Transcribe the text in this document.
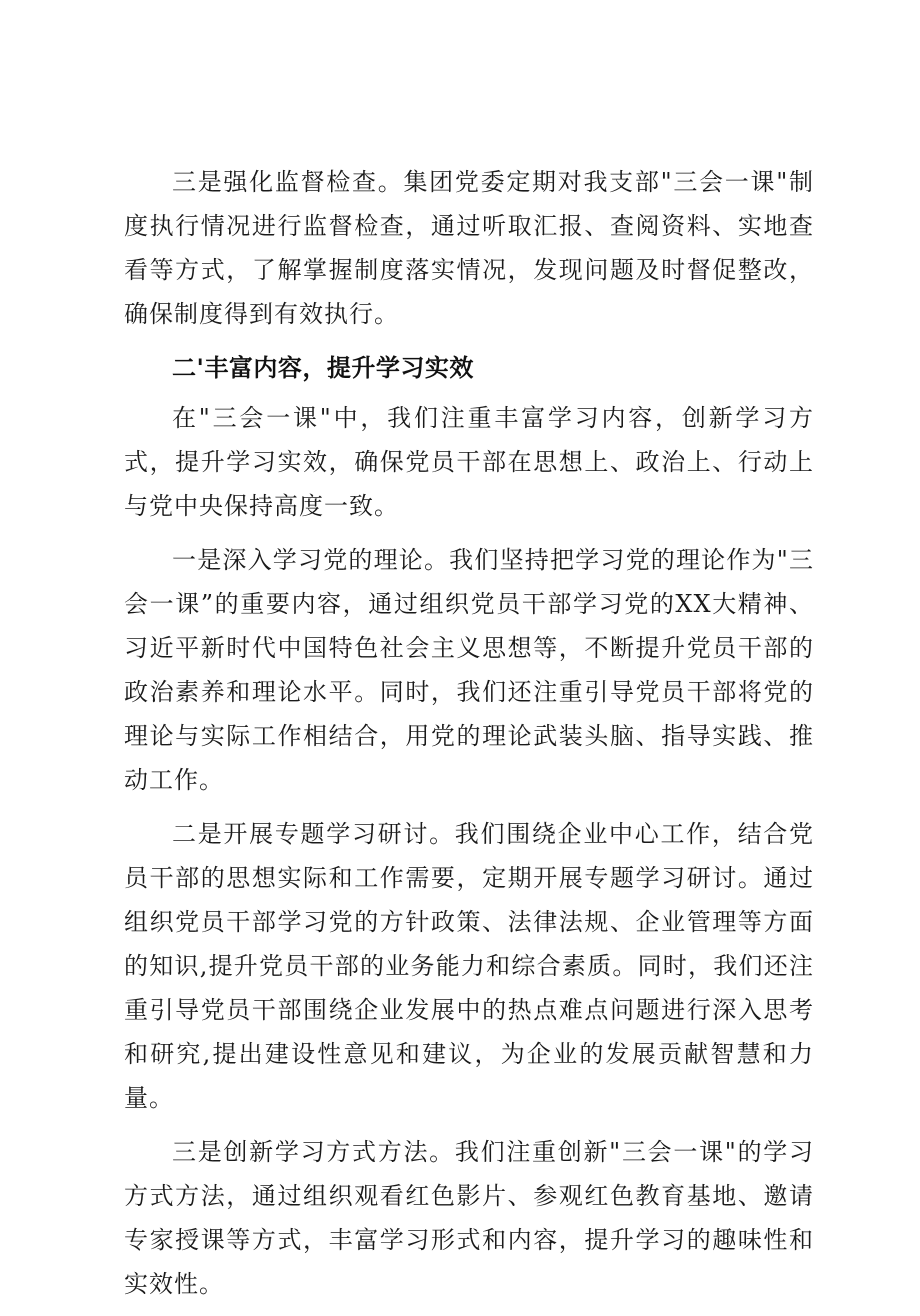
三是强化监督检查。集团党委定期对我支部"三会一课"制度执行情况进行监督检查，通过听取汇报、查阅资料、实地查看等方式，了解掌握制度落实情况，发现问题及时督促整改，确保制度得到有效执行。

二'丰富内容，提升学习实效

在"三会一课"中，我们注重丰富学习内容，创新学习方式，提升学习实效，确保党员干部在思想上、政治上、行动上与党中央保持高度一致。

一是深入学习党的理论。我们坚持把学习党的理论作为"三会一课”的重要内容，通过组织党员干部学习党的XX大精神、习近平新时代中国特色社会主义思想等，不断提升党员干部的政治素养和理论水平。同时，我们还注重引导党员干部将党的理论与实际工作相结合，用党的理论武装头脑、指导实践、推动工作。

二是开展专题学习研讨。我们围绕企业中心工作，结合党员干部的思想实际和工作需要，定期开展专题学习研讨。通过组织党员干部学习党的方针政策、法律法规、企业管理等方面的知识,提升党员干部的业务能力和综合素质。同时，我们还注重引导党员干部围绕企业发展中的热点难点问题进行深入思考和研究,提出建设性意见和建议，为企业的发展贡献智慧和力量。

三是创新学习方式方法。我们注重创新"三会一课"的学习方式方法，通过组织观看红色影片、参观红色教育基地、邀请专家授课等方式，丰富学习形式和内容，提升学习的趣味性和实效性。
